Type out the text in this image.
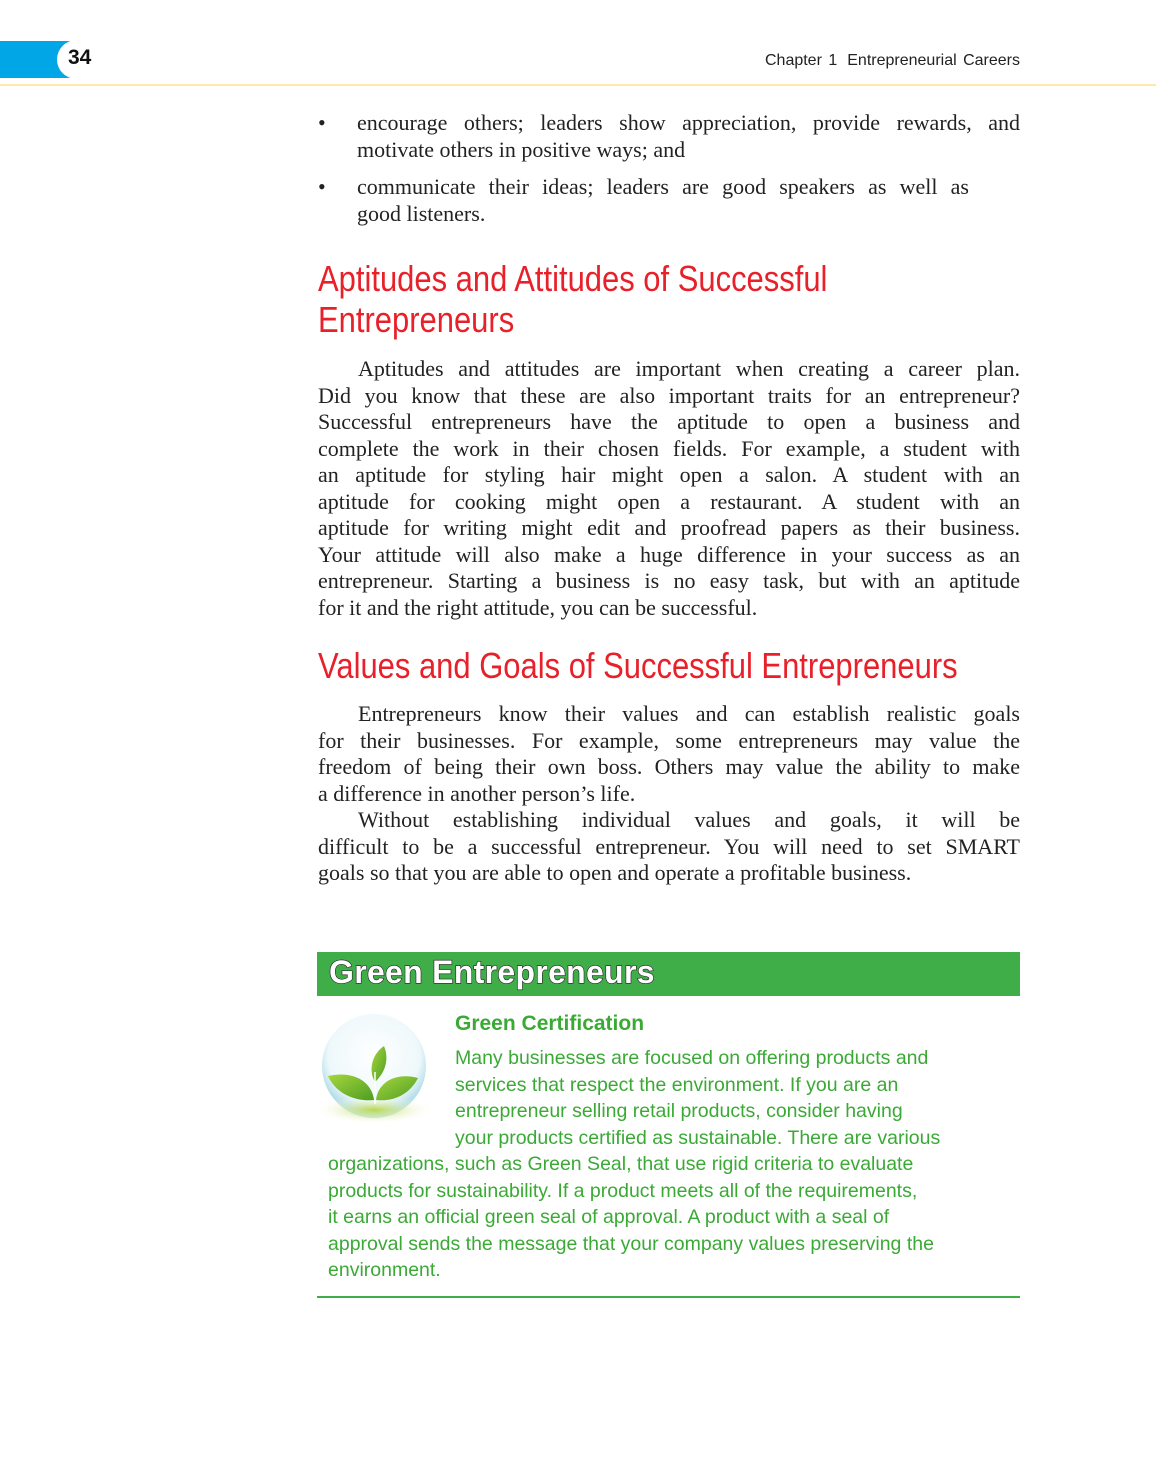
34	Chapter 1 Entrepreneurial Careers
• encourage others; leaders show appreciation, provide rewards, and
motivate others in positive ways; and
• communicate their ideas; leaders are good speakers as well as
good listeners.
Aptitudes and Attitudes of Successful
Entrepreneurs
Aptitudes and attitudes are important when creating a career plan.
Did you know that these are also important traits for an entrepreneur?
Successful entrepreneurs have the aptitude to open a business and
complete the work in their chosen fields. For example, a student with
an aptitude for styling hair might open a salon. A student with an
aptitude for cooking might open a restaurant. A student with an
aptitude for writing might edit and proofread papers as their business.
Your attitude will also make a huge difference in your success as an
entrepreneur. Starting a business is no easy task, but with an aptitude
for it and the right attitude, you can be successful.
Values and Goals of Successful Entrepreneurs
Entrepreneurs know their values and can establish realistic goals
for their businesses. For example, some entrepreneurs may value the
freedom of being their own boss. Others may value the ability to make
a difference in another person’s life.
Without establishing individual values and goals, it will be
difficult to be a successful entrepreneur. You will need to set SMART
goals so that you are able to open and operate a profitable business.
Green Entrepreneurs
Green Certification
Many businesses are focused on offering products and
services that respect the environment. If you are an
entrepreneur selling retail products, consider having
your products certified as sustainable. There are various
organizations, such as Green Seal, that use rigid criteria to evaluate
products for sustainability. If a product meets all of the requirements,
it earns an official green seal of approval. A product with a seal of
approval sends the message that your company values preserving the
environment.
